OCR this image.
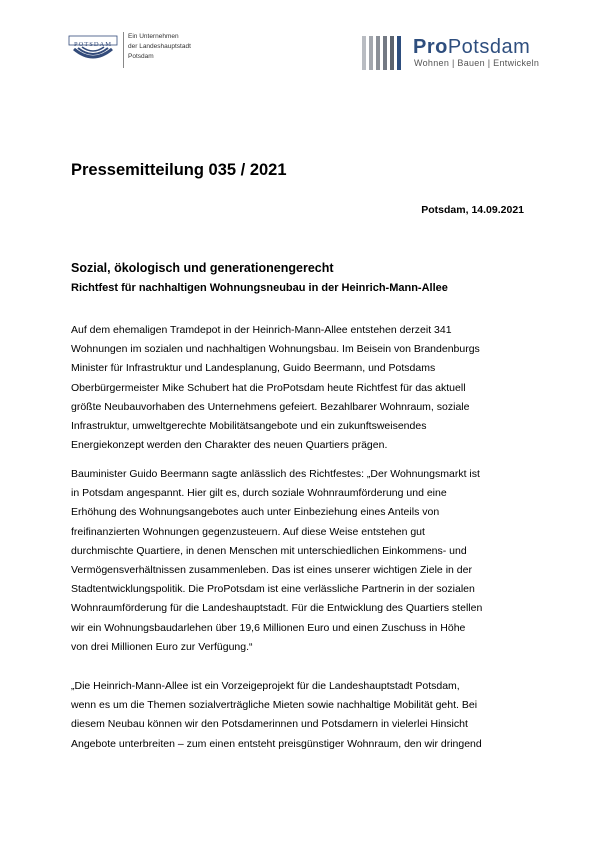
POTSDAM
Ein Unternehmen
der Landeshauptstadt
Potsdam	ProPotsdam
Wohnen | Bauen | Entwickeln
Pressemitteilung 035 / 2021
Potsdam, 14.09.2021
Sozial, ökologisch und generationengerecht
Richtfest für nachhaltigen Wohnungsneubau in der Heinrich-Mann-Allee
Auf dem ehemaligen Tramdepot in der Heinrich-Mann-Allee entstehen derzeit 341
Wohnungen im sozialen und nachhaltigen Wohnungsbau. Im Beisein von Brandenburgs
Minister für Infrastruktur und Landesplanung, Guido Beermann, und Potsdams
Oberbürgermeister Mike Schubert hat die ProPotsdam heute Richtfest für das aktuell
größte Neubauvorhaben des Unternehmens gefeiert. Bezahlbarer Wohnraum, soziale
Infrastruktur, umweltgerechte Mobilitätsangebote und ein zukunftsweisendes
Energiekonzept werden den Charakter des neuen Quartiers prägen.
Bauminister Guido Beermann sagte anlässlich des Richtfestes: „Der Wohnungsmarkt ist
in Potsdam angespannt. Hier gilt es, durch soziale Wohnraumförderung und eine
Erhöhung des Wohnungsangebotes auch unter Einbeziehung eines Anteils von
freifinanzierten Wohnungen gegenzusteuern. Auf diese Weise entstehen gut
durchmischte Quartiere, in denen Menschen mit unterschiedlichen Einkommens- und
Vermögensverhältnissen zusammenleben. Das ist eines unserer wichtigen Ziele in der
Stadtentwicklungspolitik. Die ProPotsdam ist eine verlässliche Partnerin in der sozialen
Wohnraumförderung für die Landeshauptstadt. Für die Entwicklung des Quartiers stellen
wir ein Wohnungsbaudarlehen über 19,6 Millionen Euro und einen Zuschuss in Höhe
von drei Millionen Euro zur Verfügung.“
„Die Heinrich-Mann-Allee ist ein Vorzeigeprojekt für die Landeshauptstadt Potsdam,
wenn es um die Themen sozialverträgliche Mieten sowie nachhaltige Mobilität geht. Bei
diesem Neubau können wir den Potsdamerinnen und Potsdamern in vielerlei Hinsicht
Angebote unterbreiten – zum einen entsteht preisgünstiger Wohnraum, den wir dringend
